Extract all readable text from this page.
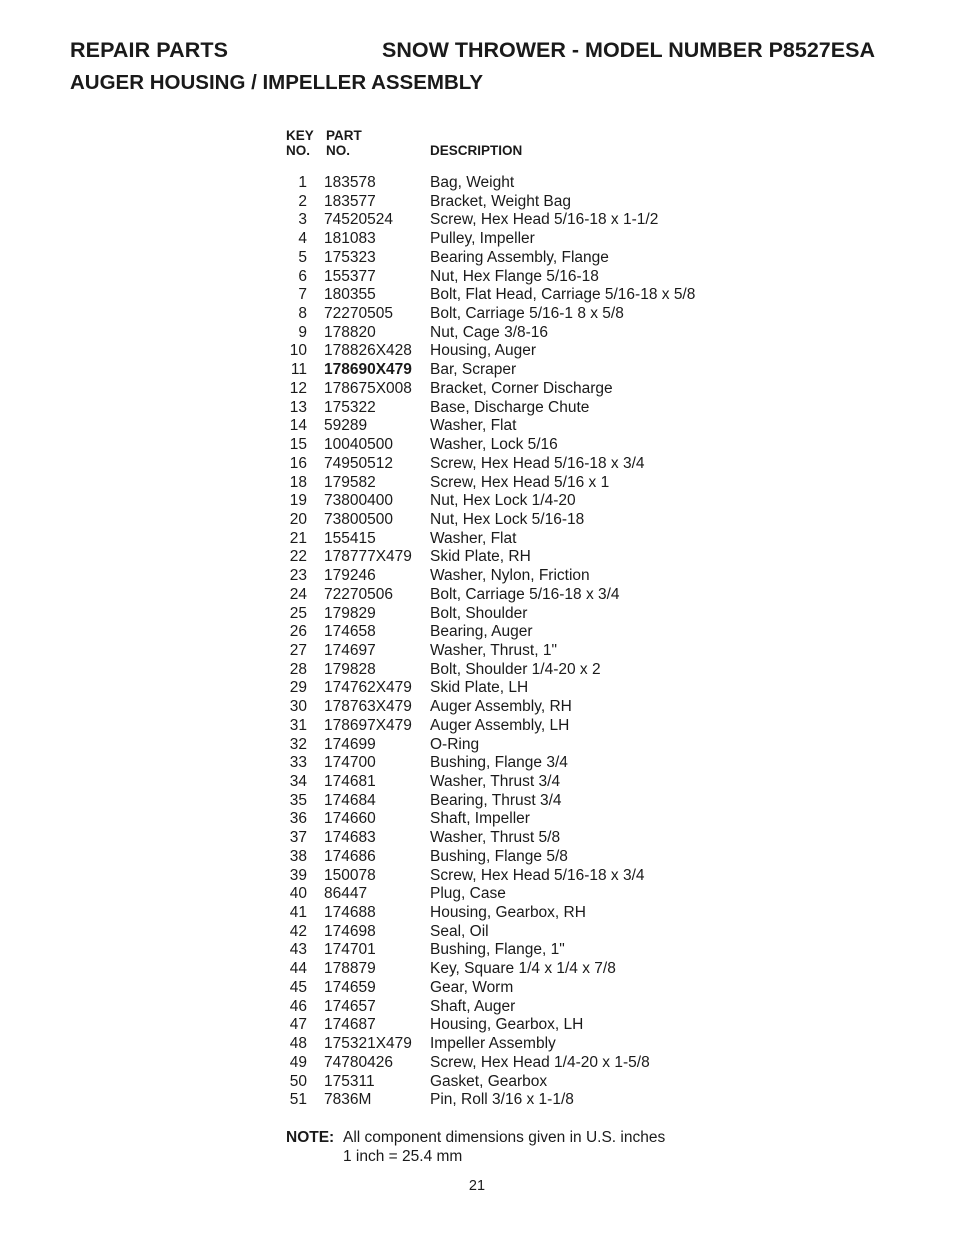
REPAIR PARTS	SNOW THROWER - MODEL NUMBER P8527ESA
AUGER HOUSING / IMPELLER ASSEMBLY
KEY
NO.
PART
NO.	DESCRIPTION
1 183578	Bag, Weight
2 183577	Bracket, Weight Bag
3 74520524 Screw, Hex Head 5/16-18 x 1-1/2
4 181083	Pulley, Impeller
5 175323	Bearing Assembly, Flange
6 155377	Nut, Hex Flange 5/16-18
7 180355	Bolt, Flat Head, Carriage 5/16-18 x 5/8
8 72270505 Bolt, Carriage 5/16-1 8 x 5/8
9 178820	Nut, Cage 3/8-16
10 178826X428 Housing, Auger
11 178690X479 Bar, Scraper
12 178675X008 Bracket, Corner Discharge
13 175322	Base, Discharge Chute
14 59289	Washer, Flat
15 10040500 Washer, Lock 5/16
16 74950512 Screw, Hex Head 5/16-18 x 3/4
18 179582	Screw, Hex Head 5/16 x 1
19 73800400 Nut, Hex Lock 1/4-20
20 73800500 Nut, Hex Lock 5/16-18
21 155415	Washer, Flat
22 178777X479 Skid Plate, RH
23 179246	Washer, Nylon, Friction
24 72270506 Bolt, Carriage 5/16-18 x 3/4
25 179829	Bolt, Shoulder
26 174658	Bearing, Auger
27 174697	Washer, Thrust, 1"
28 179828	Bolt, Shoulder 1/4-20 x 2
29 174762X479 Skid Plate, LH
30 178763X479 Auger Assembly, RH
31 178697X479 Auger Assembly, LH
32 174699	O-Ring
33 174700	Bushing, Flange 3/4
34 174681	Washer, Thrust 3/4
35 174684	Bearing, Thrust 3/4
36 174660	Shaft, Impeller
37 174683	Washer, Thrust 5/8
38 174686	Bushing, Flange 5/8
39 150078	Screw, Hex Head 5/16-18 x 3/4
40 86447	Plug, Case
41 174688	Housing, Gearbox, RH
42 174698	Seal, Oil
43 174701	Bushing, Flange, 1"
44 178879	Key, Square 1/4 x 1/4 x 7/8
45 174659	Gear, Worm
46 174657	Shaft, Auger
47 174687	Housing, Gearbox, LH
48 175321X479 Impeller Assembly
49 74780426 Screw, Hex Head 1/4-20 x 1-5/8
50 175311	Gasket, Gearbox
51 7836M	Pin, Roll 3/16 x 1-1/8
NOTE: All component dimensions given in U.S. inches
1 inch = 25.4 mm
21
